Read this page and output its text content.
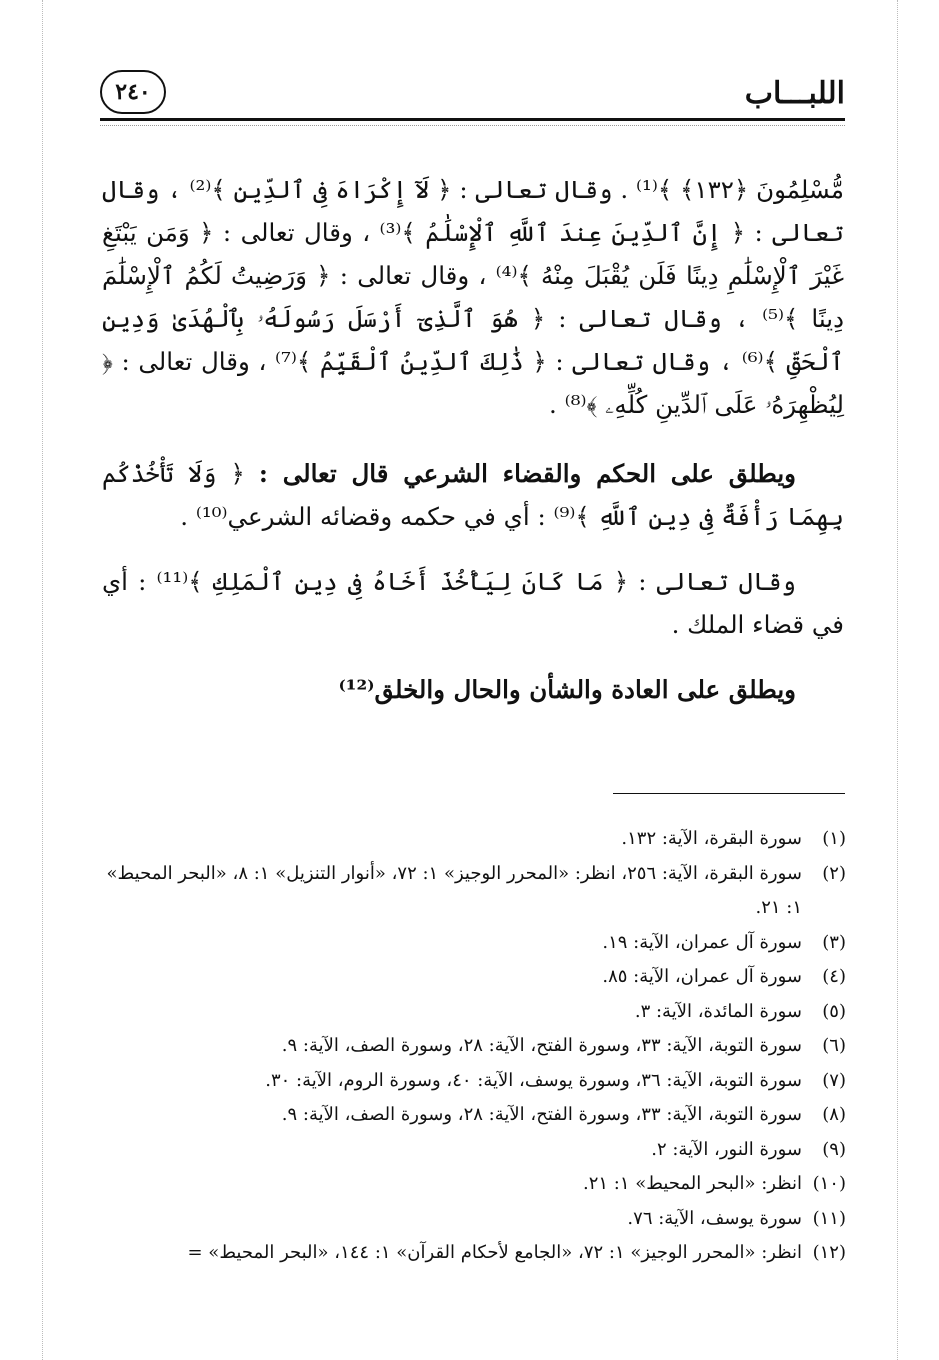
اللبـــاب
٢٤٠

مُّسْلِمُونَ ﴿١٣٢﴾ ﴾⁽¹⁾ . وقال تعالى : ﴿ لَآ إِكْرَاهَ فِى ٱلدِّينِ ﴾⁽²⁾ ، وقال تعالى : ﴿ إِنَّ ٱلدِّينَ عِندَ ٱللَّهِ ٱلْإِسْلَٰمُ ﴾⁽³⁾ ، وقال تعالى : ﴿ وَمَن يَبْتَغِ غَيْرَ ٱلْإِسْلَٰمِ دِينًا فَلَن يُقْبَلَ مِنْهُ ﴾⁽⁴⁾ ، وقال تعالى : ﴿ وَرَضِيتُ لَكُمُ ٱلْإِسْلَٰمَ دِينًا ﴾⁽⁵⁾ ، وقال تعالى : ﴿ هُوَ ٱلَّذِىٓ أَرْسَلَ رَسُولَهُۥ بِٱلْهُدَىٰ وَدِينِ ٱلْحَقِّ ﴾⁽⁶⁾ ، وقال تعالى : ﴿ ذَٰلِكَ ٱلدِّينُ ٱلْقَيِّمُ ﴾⁽⁷⁾ ، وقال تعالى : ﴿ لِيُظْهِرَهُۥ عَلَى ٱلدِّينِ كُلِّهِۦ ﴾⁽⁸⁾ .

ويطلق على الحكم والقضاء الشرعي قال تعالى : ﴿ وَلَا تَأْخُذْكُم بِهِمَا رَأْفَةٌ فِى دِينِ ٱللَّهِ ﴾⁽⁹⁾ : أي في حكمه وقضائه الشرعي⁽¹⁰⁾ .

وقال تعالى : ﴿ مَا كَانَ لِيَأْخُذَ أَخَاهُ فِى دِينِ ٱلْمَلِكِ ﴾⁽¹¹⁾ : أي في قضاء الملك .

ويطلق على العادة والشأن والحال والخلق⁽¹²⁾

(١)
سورة البقرة، الآية: ١٣٢.
(٢)
سورة البقرة، الآية: ٢٥٦، انظر: «المحرر الوجيز» ١: ٧٢، «أنوار التنزيل» ١: ٨، «البحر المحيط» ١: ٢١.
(٣)
سورة آل عمران، الآية: ١٩.
(٤)
سورة آل عمران، الآية: ٨٥.
(٥)
سورة المائدة، الآية: ٣.
(٦)
سورة التوبة، الآية: ٣٣، وسورة الفتح، الآية: ٢٨، وسورة الصف، الآية: ٩.
(٧)
سورة التوبة، الآية: ٣٦، وسورة يوسف، الآية: ٤٠، وسورة الروم، الآية: ٣٠.
(٨)
سورة التوبة، الآية: ٣٣، وسورة الفتح، الآية: ٢٨، وسورة الصف، الآية: ٩.
(٩)
سورة النور، الآية: ٢.
(١٠)
انظر: «البحر المحيط» ١: ٢١.
(١١)
سورة يوسف، الآية: ٧٦.
(١٢)
انظر: «المحرر الوجيز» ١: ٧٢، «الجامع لأحكام القرآن» ١: ١٤٤، «البحر المحيط» =
